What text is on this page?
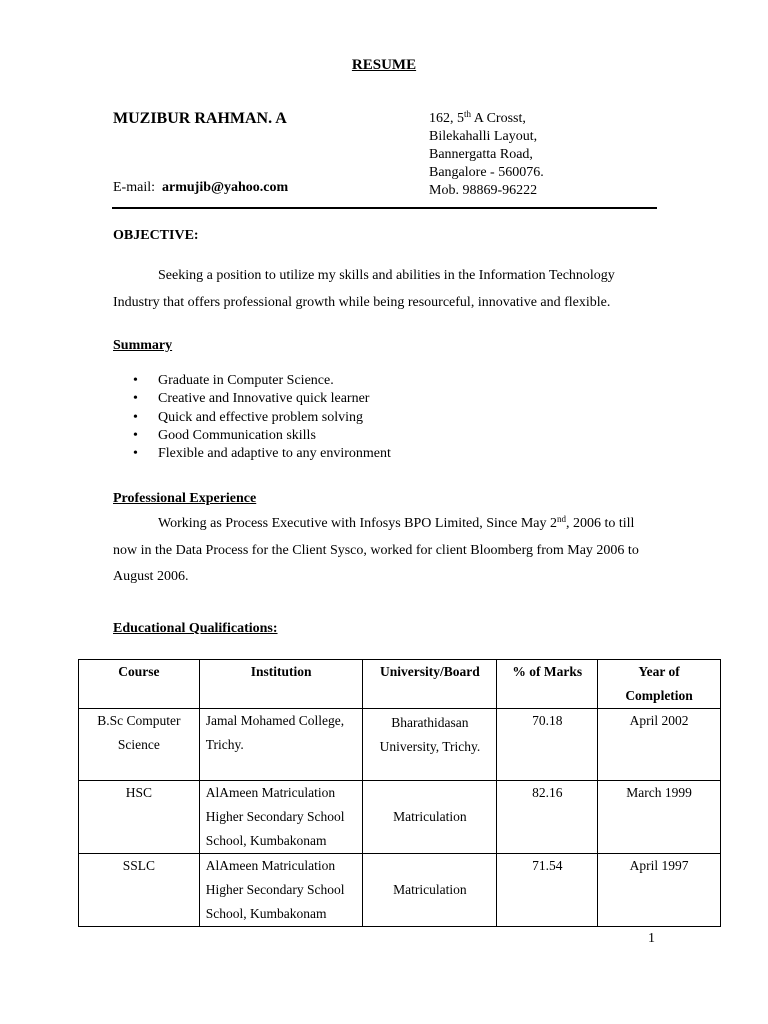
RESUME
MUZIBUR RAHMAN. A
E-mail: armujib@yahoo.com
162, 5th A Crosst,
Bilekahalli Layout,
Bannergatta Road,
Bangalore - 560076.
Mob. 98869-96222
OBJECTIVE:
Seeking a position to utilize my skills and abilities in the Information Technology Industry that offers professional growth while being resourceful, innovative and flexible.
Summary
• Graduate in Computer Science.
• Creative and Innovative quick learner
• Quick and effective problem solving
• Good Communication skills
• Flexible and adaptive to any environment
Professional Experience
Working as Process Executive with Infosys BPO Limited, Since May 2nd, 2006 to till now in the Data Process for the Client Sysco, worked for client Bloomberg from May 2006 to August 2006.
Educational Qualifications:
Course	Institution	University/Board	% of Marks	Year of Completion
B.Sc Computer Science	Jamal Mohamed College, Trichy.	Bharathidasan University, Trichy.	70.18	April 2002
HSC	AlAmeen Matriculation Higher Secondary School School, Kumbakonam	Matriculation	82.16	March 1999
SSLC	AlAmeen Matriculation Higher Secondary School School, Kumbakonam	Matriculation	71.54	April 1997
1
